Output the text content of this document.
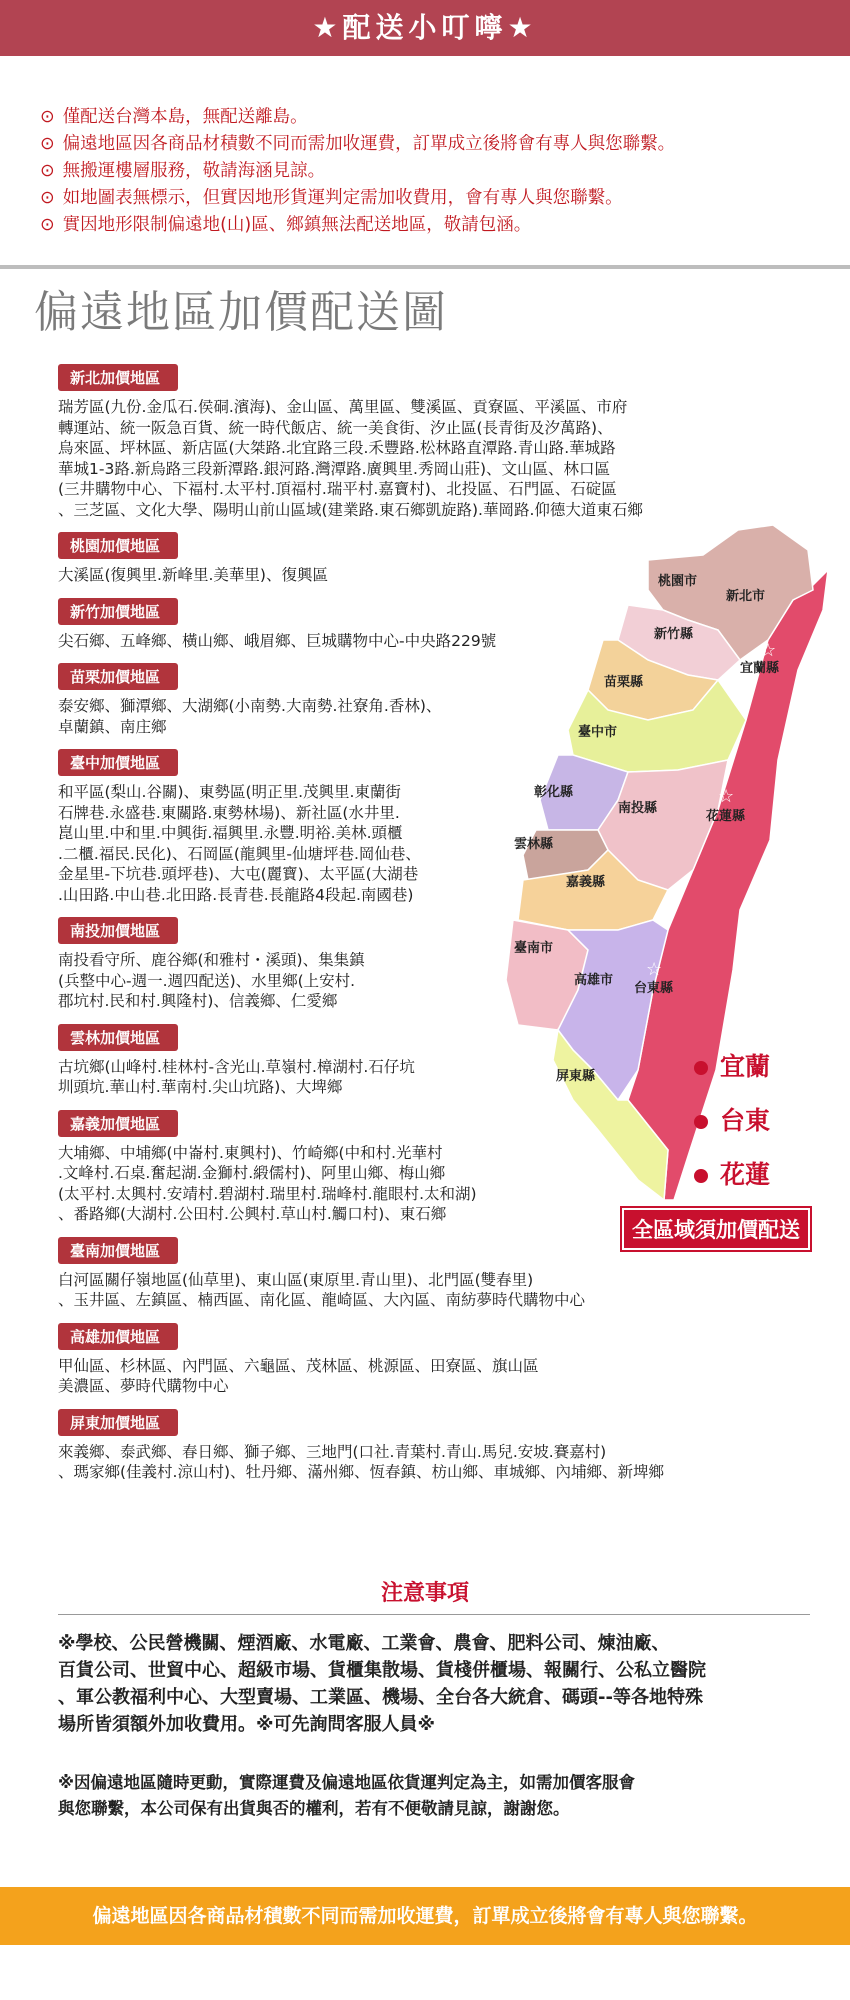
★配送小叮嚀★
⊙ 僅配送台灣本島，無配送離島。
⊙ 偏遠地區因各商品材積數不同而需加收運費，訂單成立後將會有專人與您聯繫。
⊙ 無搬運樓層服務，敬請海涵見諒。
⊙ 如地圖表無標示，但實因地形貨運判定需加收費用，會有專人與您聯繫。
⊙ 實因地形限制偏遠地(山)區、鄉鎮無法配送地區，敬請包涵。
偏遠地區加價配送圖
新北加價地區
瑞芳區(九份.金瓜石.侯硐.濱海)、金山區、萬里區、雙溪區、貢寮區、平溪區、市府
轉運站、統一阪急百貨、統一時代飯店、統一美食街、汐止區(長青街及汐萬路)、
烏來區、坪林區、新店區(大桀路.北宜路三段.禾豐路.松林路直潭路.青山路.華城路
華城1-3路.新烏路三段新潭路.銀河路.灣潭路.廣興里.秀岡山莊)、文山區、林口區
(三井購物中心、下福村.太平村.頂福村.瑞平村.嘉寶村)、北投區、石門區、石碇區
、三芝區、文化大學、陽明山前山區域(建業路.東石鄉凱旋路).華岡路.仰德大道東石鄉
桃園加價地區
大溪區(復興里.新峰里.美華里)、復興區
新竹加價地區
尖石鄉、五峰鄉、橫山鄉、峨眉鄉、巨城購物中心-中央路229號
苗栗加價地區
泰安鄉、獅潭鄉、大湖鄉(小南勢.大南勢.社寮角.香林)、
卓蘭鎮、南庄鄉
臺中加價地區
和平區(梨山.谷關)、東勢區(明正里.茂興里.東蘭街
石牌巷.永盛巷.東關路.東勢林場)、新社區(水井里.
崑山里.中和里.中興街.福興里.永豐.明裕.美林.頭櫃
.二櫃.福民.民化)、石岡區(龍興里-仙塘坪巷.岡仙巷、
金星里-下坑巷.頭坪巷)、大屯(麗寶)、太平區(大湖巷
.山田路.中山巷.北田路.長青巷.長龍路4段起.南國巷)
南投加價地區
南投看守所、鹿谷鄉(和雅村・溪頭)、集集鎮
(兵整中心-週一.週四配送)、水里鄉(上安村.
郡坑村.民和村.興隆村)、信義鄉、仁愛鄉
雲林加價地區
古坑鄉(山峰村.桂林村-含光山.草嶺村.樟湖村.石仔坑
圳頭坑.華山村.華南村.尖山坑路)、大埤鄉
嘉義加價地區
大埔鄉、中埔鄉(中崙村.東興村)、竹崎鄉(中和村.光華村
.文峰村.石桌.奮起湖.金獅村.緞儒村)、阿里山鄉、梅山鄉
(太平村.太興村.安靖村.碧湖村.瑞里村.瑞峰村.龍眼村.太和湖)
、番路鄉(大湖村.公田村.公興村.草山村.觸口村)、東石鄉
臺南加價地區
白河區關仔嶺地區(仙草里)、東山區(東原里.青山里)、北門區(雙春里)
、玉井區、左鎮區、楠西區、南化區、龍崎區、大內區、南紡夢時代購物中心
高雄加價地區
甲仙區、杉林區、內門區、六龜區、茂林區、桃源區、田寮區、旗山區
美濃區、夢時代購物中心
屏東加價地區
來義鄉、泰武鄉、春日鄉、獅子鄉、三地門(口社.青葉村.青山.馬兒.安坡.賽嘉村)
、瑪家鄉(佳義村.涼山村)、牡丹鄉、滿州鄉、恆春鎮、枋山鄉、車城鄉、內埔鄉、新埤鄉
桃園市
新北市
新竹縣
宜蘭縣
苗栗縣
臺中市
彰化縣
南投縣
花蓮縣
雲林縣
嘉義縣
臺南市
高雄市
台東縣
屏東縣
☆
☆
☆
宜蘭
台東
花蓮
全區域須加價配送
注意事項
※學校、公民營機關、煙酒廠、水電廠、工業會、農會、肥料公司、煉油廠、
百貨公司、世貿中心、超級市場、貨櫃集散場、貨棧併櫃場、報關行、公私立醫院
、軍公教福利中心、大型賣場、工業區、機場、全台各大統倉、碼頭--等各地特殊
場所皆須額外加收費用。※可先詢問客服人員※
※因偏遠地區隨時更動，實際運費及偏遠地區依貨運判定為主，如需加價客服會
與您聯繫，本公司保有出貨與否的權利，若有不便敬請見諒，謝謝您。
偏遠地區因各商品材積數不同而需加收運費，訂單成立後將會有專人與您聯繫。
